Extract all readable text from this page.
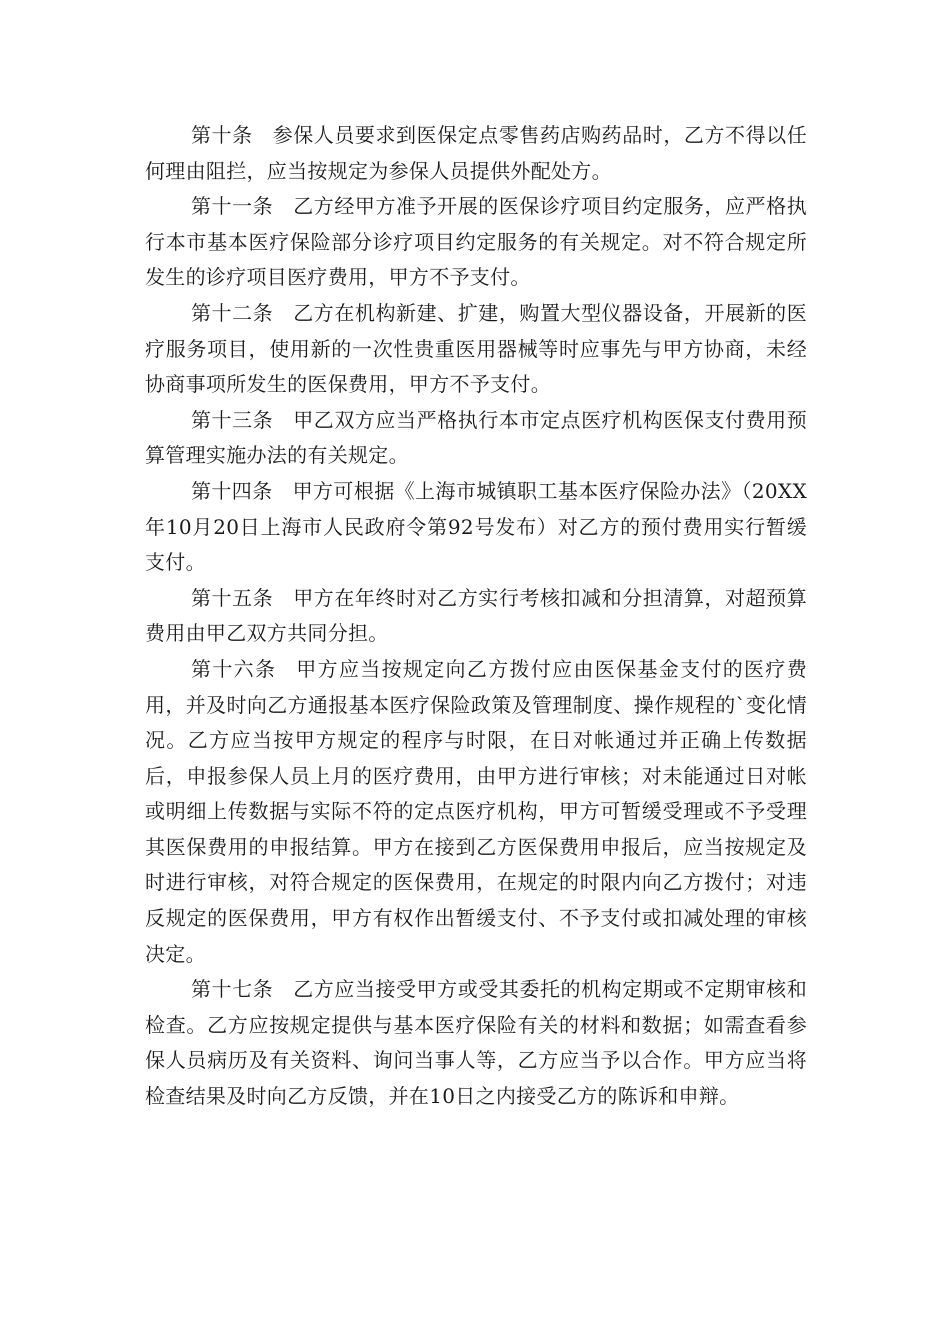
第十条 参保人员要求到医保定点零售药店购药品时，乙方不得以任何理由阻拦，应当按规定为参保人员提供外配处方。

第十一条 乙方经甲方准予开展的医保诊疗项目约定服务，应严格执行本市基本医疗保险部分诊疗项目约定服务的有关规定。对不符合规定所发生的诊疗项目医疗费用，甲方不予支付。

第十二条 乙方在机构新建、扩建，购置大型仪器设备，开展新的医疗服务项目，使用新的一次性贵重医用器械等时应事先与甲方协商，未经协商事项所发生的医保费用，甲方不予支付。

第十三条 甲乙双方应当严格执行本市定点医疗机构医保支付费用预算管理实施办法的有关规定。

第十四条 甲方可根据《上海市城镇职工基本医疗保险办法》（20XX年10月20日上海市人民政府令第92号发布）对乙方的预付费用实行暂缓支付。

第十五条 甲方在年终时对乙方实行考核扣减和分担清算，对超预算费用由甲乙双方共同分担。

第十六条 甲方应当按规定向乙方拨付应由医保基金支付的医疗费用，并及时向乙方通报基本医疗保险政策及管理制度、操作规程的`变化情况。乙方应当按甲方规定的程序与时限，在日对帐通过并正确上传数据后，申报参保人员上月的医疗费用，由甲方进行审核；对未能通过日对帐或明细上传数据与实际不符的定点医疗机构，甲方可暂缓受理或不予受理其医保费用的申报结算。甲方在接到乙方医保费用申报后，应当按规定及时进行审核，对符合规定的医保费用，在规定的时限内向乙方拨付；对违反规定的医保费用，甲方有权作出暂缓支付、不予支付或扣减处理的审核决定。

第十七条 乙方应当接受甲方或受其委托的机构定期或不定期审核和检查。乙方应按规定提供与基本医疗保险有关的材料和数据；如需查看参保人员病历及有关资料、询问当事人等，乙方应当予以合作。甲方应当将检查结果及时向乙方反馈，并在10日之内接受乙方的陈诉和申辩。
